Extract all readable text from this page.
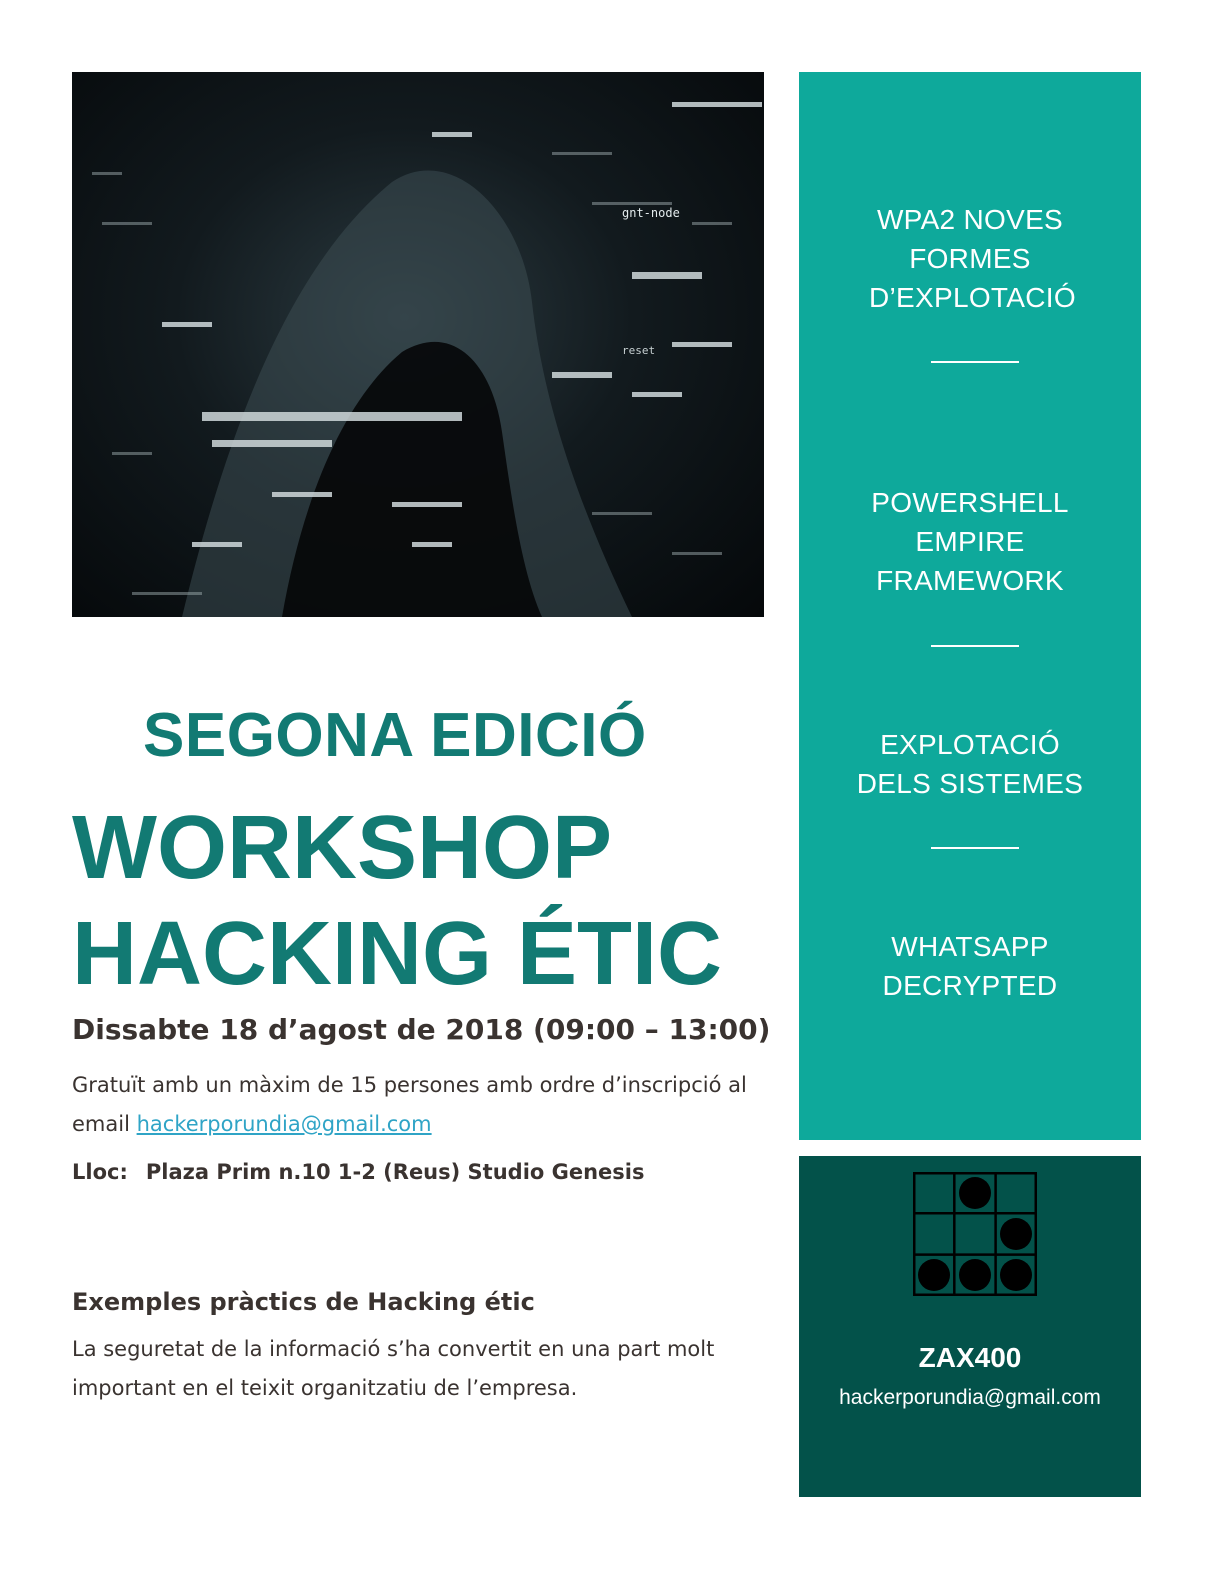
gnt-node
reset
SEGONA EDICIÓ
WORKSHOP
HACKING ÉTIC
Dissabte 18 d’agost de 2018 (09:00 – 13:00)
Gratuït amb un màxim de 15 persones amb ordre d’inscripció al email hackerporundia@gmail.com
Lloc: Plaza Prim n.10 1-2 (Reus) Studio Genesis
Exemples pràctics de Hacking étic
La seguretat de la informació s’ha convertit en una part molt important en el teixit organitzatiu de l’empresa.
WPA2 NOVES FORMES D’EXPLOTACIÓ
POWERSHELL EMPIRE FRAMEWORK
EXPLOTACIÓ DELS SISTEMES
WHATSAPP DECRYPTED
ZAX400
hackerporundia@gmail.com
